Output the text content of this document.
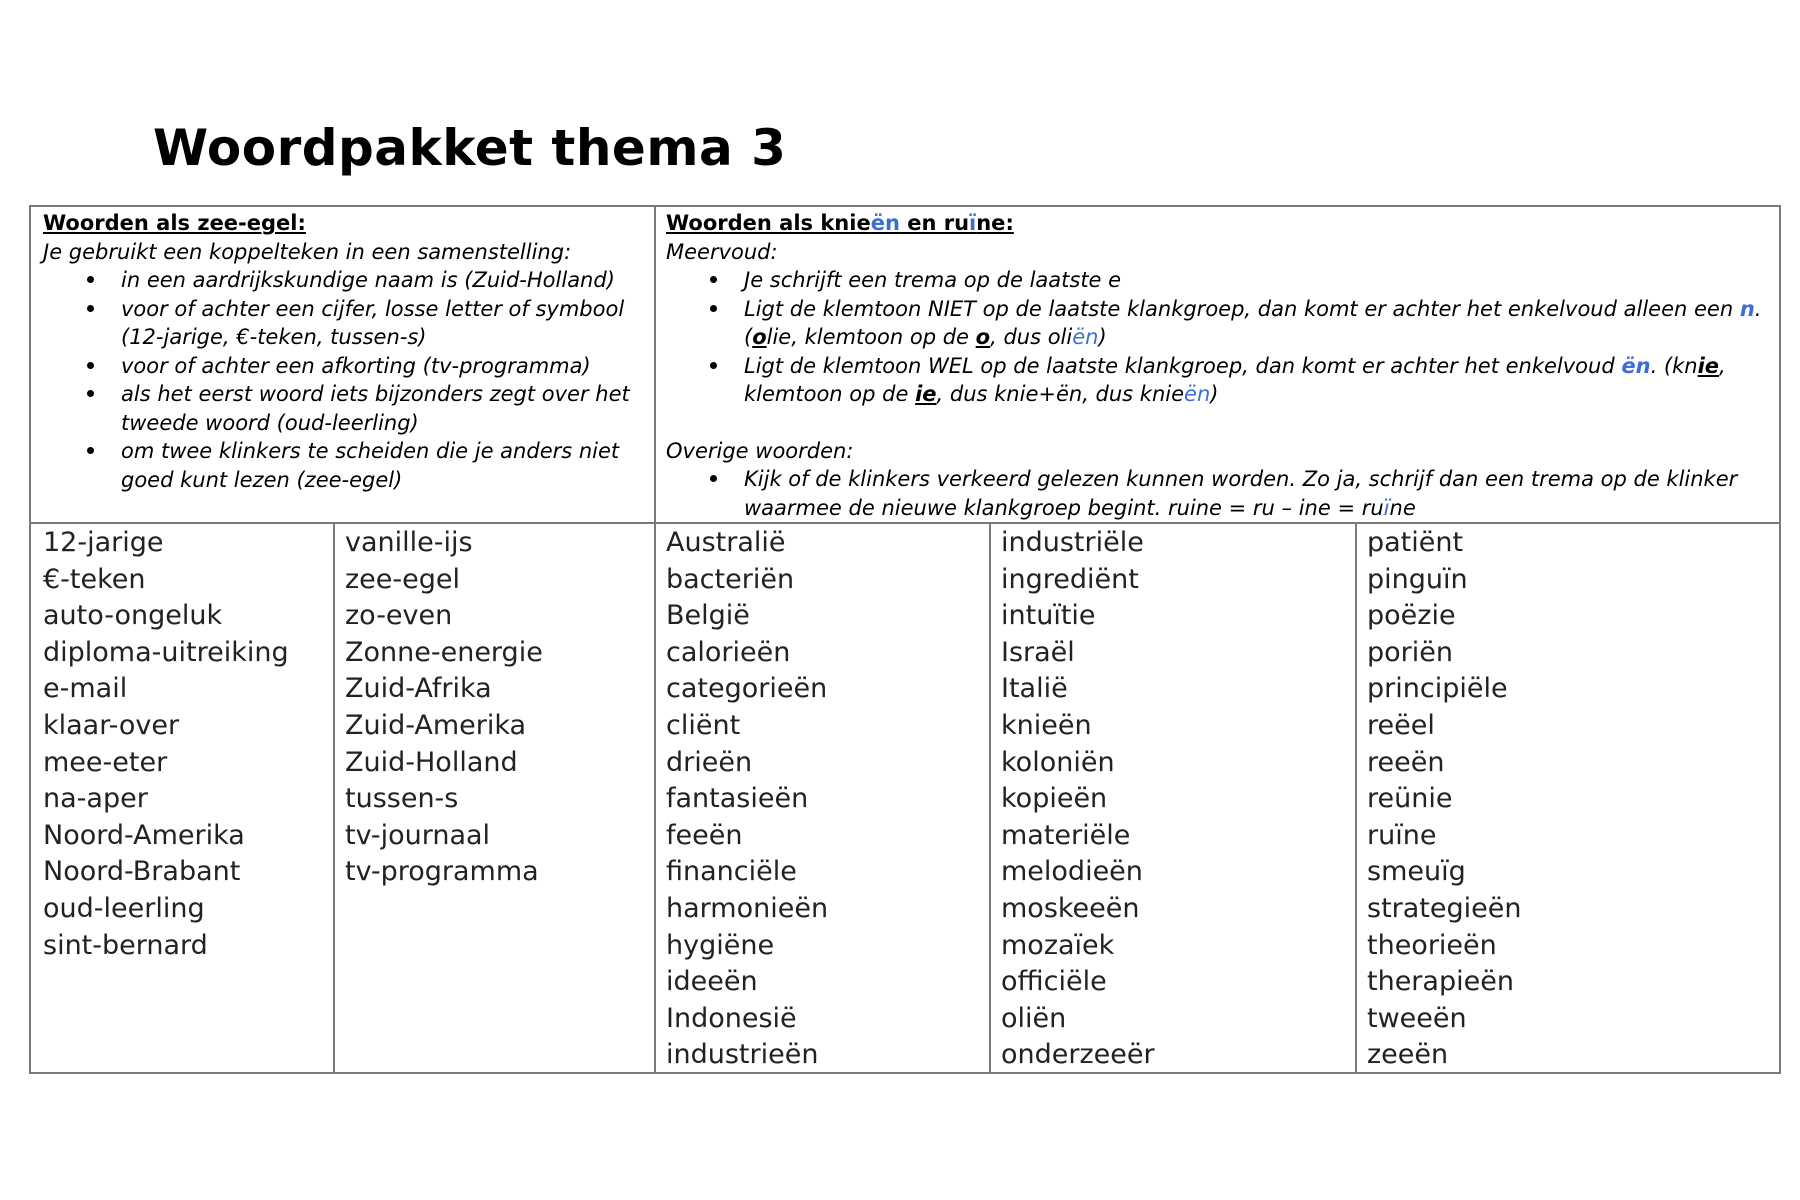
Woordpakket thema 3

Woorden als zee-egel:

Je gebruikt een koppelteken in een samenstelling:

in een aardrijkskundige naam is (Zuid-Holland)
voor of achter een cijfer, losse letter of symbool (12-jarige, €-teken, tussen-s)
voor of achter een afkorting (tv-programma)
als het eerst woord iets bijzonders zegt over het tweede woord (oud-leerling)
om twee klinkers te scheiden die je anders niet goed kunt lezen (zee-egel)

Woorden als knieën en ruïne:

Meervoud:

Je schrijft een trema op de laatste e
Ligt de klemtoon NIET op de laatste klankgroep, dan komt er achter het enkelvoud alleen een n. (olie, klemtoon op de o, dus oliën)
Ligt de klemtoon WEL op de laatste klankgroep, dan komt er achter het enkelvoud ën. (knie, klemtoon op de ie, dus knie+ën, dus knieën)

Overige woorden:

Kijk of de klinkers verkeerd gelezen kunnen worden. Zo ja, schrijf dan een trema op de klinker waarmee de nieuwe klankgroep begint. ruine = ru – ine = ruïne
12-jarige
€-teken
auto-ongeluk
diploma-uitreiking
e-mail
klaar-over
mee-eter
na-aper
Noord-Amerika
Noord-Brabant
oud-leerling
sint-bernard
vanille-ijs
zee-egel
zo-even
Zonne-energie
Zuid-Afrika
Zuid-Amerika
Zuid-Holland
tussen-s
tv-journaal
tv-programma
Australië
bacteriën
België
calorieën
categorieën
cliënt
drieën
fantasieën
feeën
financiële
harmonieën
hygiëne
ideeën
Indonesië
industrieën
industriële
ingrediënt
intuïtie
Israël
Italië
knieën
koloniën
kopieën
materiële
melodieën
moskeeën
mozaïek
officiële
oliën
onderzeeër
patiënt
pinguïn
poëzie
poriën
principiële
reëel
reeën
reünie
ruïne
smeuïg
strategieën
theorieën
therapieën
tweeën
zeeën
